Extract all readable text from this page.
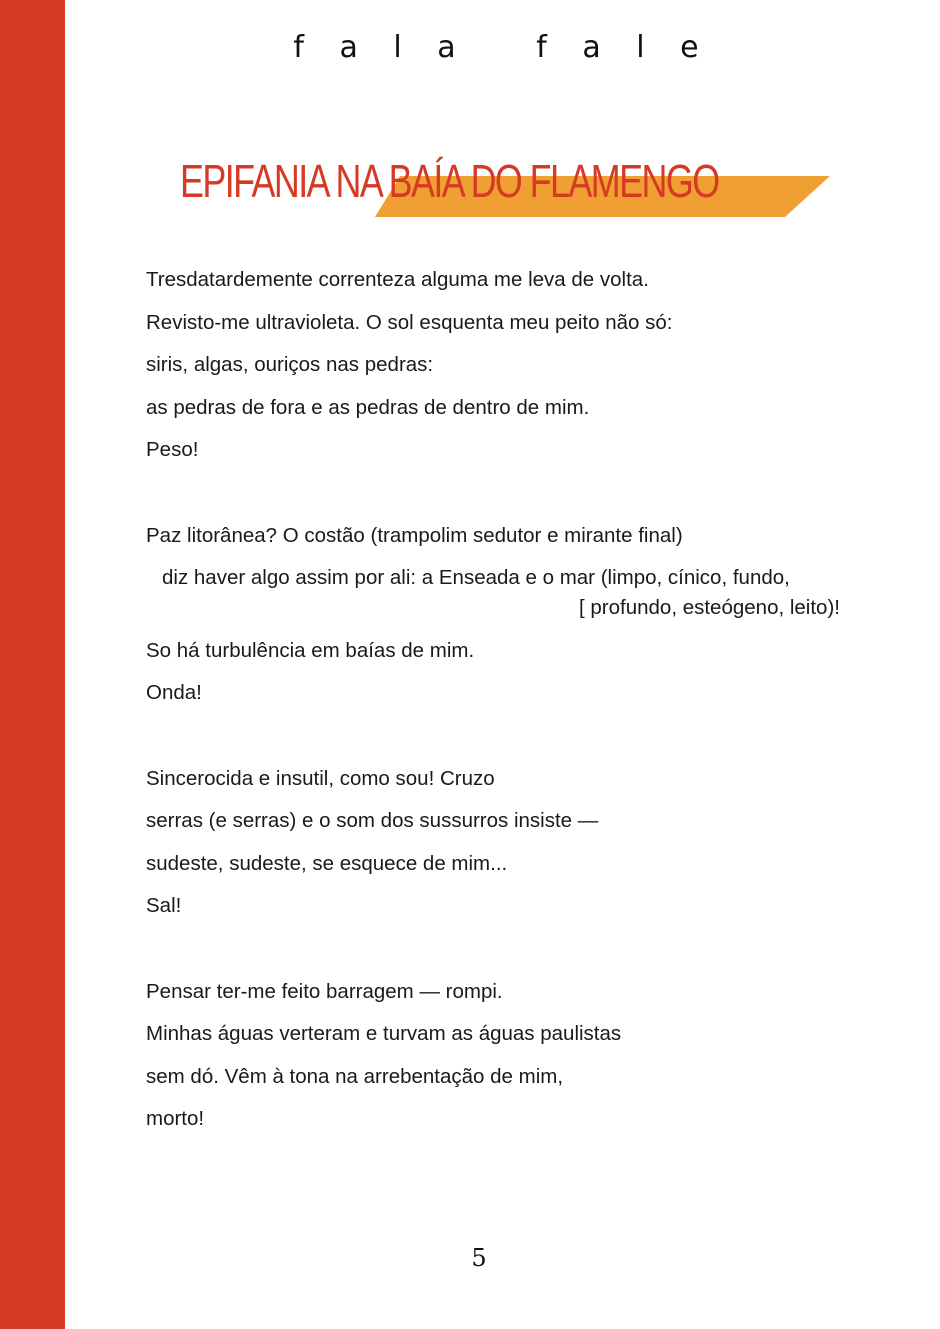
f a l a   f a l e
EPIFANIA NA BAÍA DO FLAMENGO
Tresdatardemente correnteza alguma me leva de volta.
Revisto-me ultravioleta. O sol esquenta meu peito não só:
siris, algas, ouriços nas pedras:
as pedras de fora e as pedras de dentro de mim.
Peso!
Paz litorânea? O costão (trampolim sedutor e mirante final)
diz haver algo assim por ali: a Enseada e o mar (limpo, cínico, fundo,
[ profundo, esteógeno, leito)!
So há turbulência em baías de mim.
Onda!
Sincerocida e insutil, como sou! Cruzo
serras (e serras) e o som dos sussurros insiste —
sudeste, sudeste, se esquece de mim...
Sal!
Pensar ter-me feito barragem — rompi.
Minhas águas verteram e turvam as águas paulistas
sem dó. Vêm à tona na arrebentação de mim,
morto!
5
